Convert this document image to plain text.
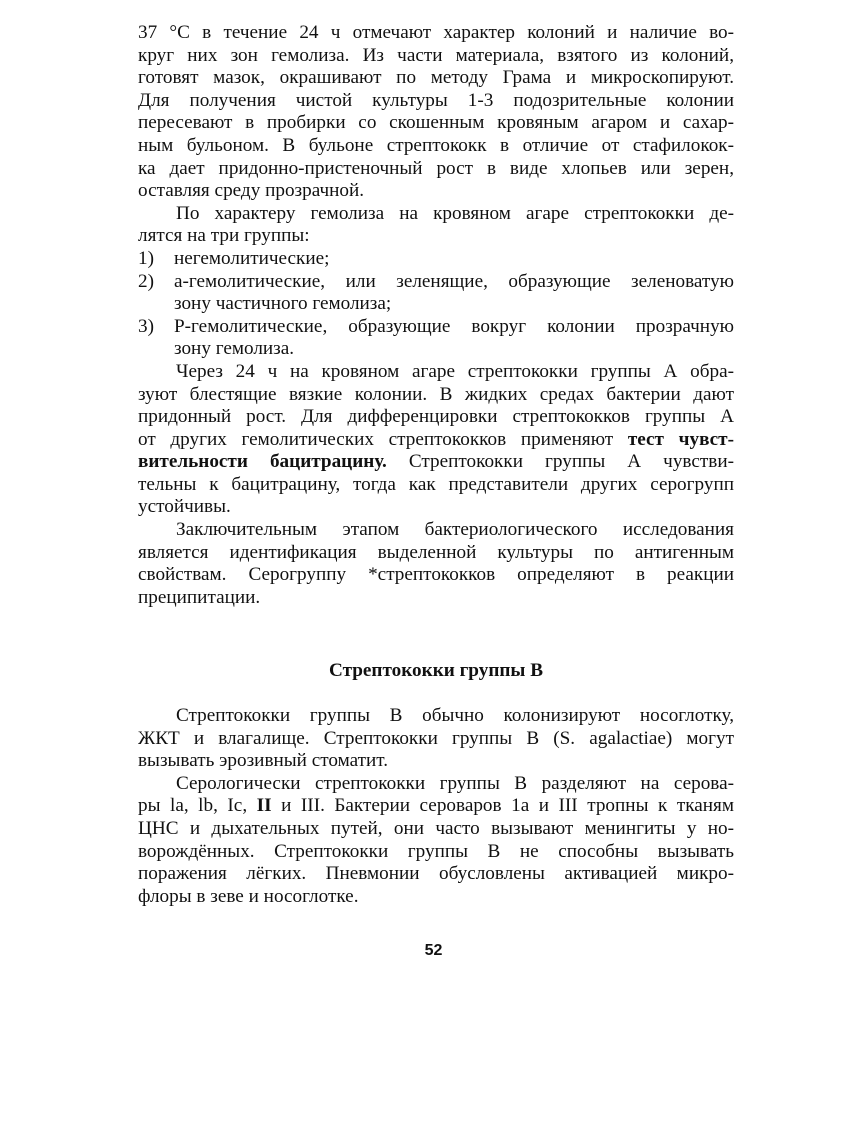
37 °С в течение 24 ч отмечают характер колоний и наличие во-
круг них зон гемолиза. Из части материала, взятого из колоний,
готовят мазок, окрашивают по методу Грама и микроскопируют.
Для получения чистой культуры 1-3 подозрительные колонии
пересевают в пробирки со скошенным кровяным агаром и сахар-
ным бульоном. В бульоне стрептококк в отличие от стафилокок-
ка дает придонно-пристеночный рост в виде хлопьев или зерен,
оставляя среду прозрачной.
По характеру гемолиза на кровяном агаре стрептококки де-
лятся на три группы:
1)	негемолитические;
2)	а-гемолитические, или зеленящие, образующие зеленоватую
зону частичного гемолиза;
3)	Р-гемолитические, образующие вокруг колонии прозрачную
зону гемолиза.
Через 24 ч на кровяном агаре стрептококки группы А обра-
зуют блестящие вязкие колонии. В жидких средах бактерии дают
придонный рост. Для дифференцировки стрептококков группы А
от других гемолитических стрептококков применяют тест чувст-
вительности бацитрацину. Стрептококки группы А чувстви-
тельны к бацитрацину, тогда как представители других серогрупп
устойчивы.
Заключительным этапом бактериологического исследования
является идентификация выделенной культуры по антигенным
свойствам. Серогруппу *стрептококков определяют в реакции
преципитации.
Стрептококки группы В
Стрептококки группы В обычно колонизируют носоглотку,
ЖКТ и влагалище. Стрептококки группы В (S. agalactiae) могут
вызывать эрозивный стоматит.
Серологически стрептококки группы В разделяют на серова-
ры la, lb, Ic, II и III. Бактерии сероваров 1а и III тропны к тканям
ЦНС и дыхательных путей, они часто вызывают менингиты у но-
ворождённых. Стрептококки группы В не способны вызывать
поражения лёгких. Пневмонии обусловлены активацией микро-
флоры в зеве и носоглотке.
52
